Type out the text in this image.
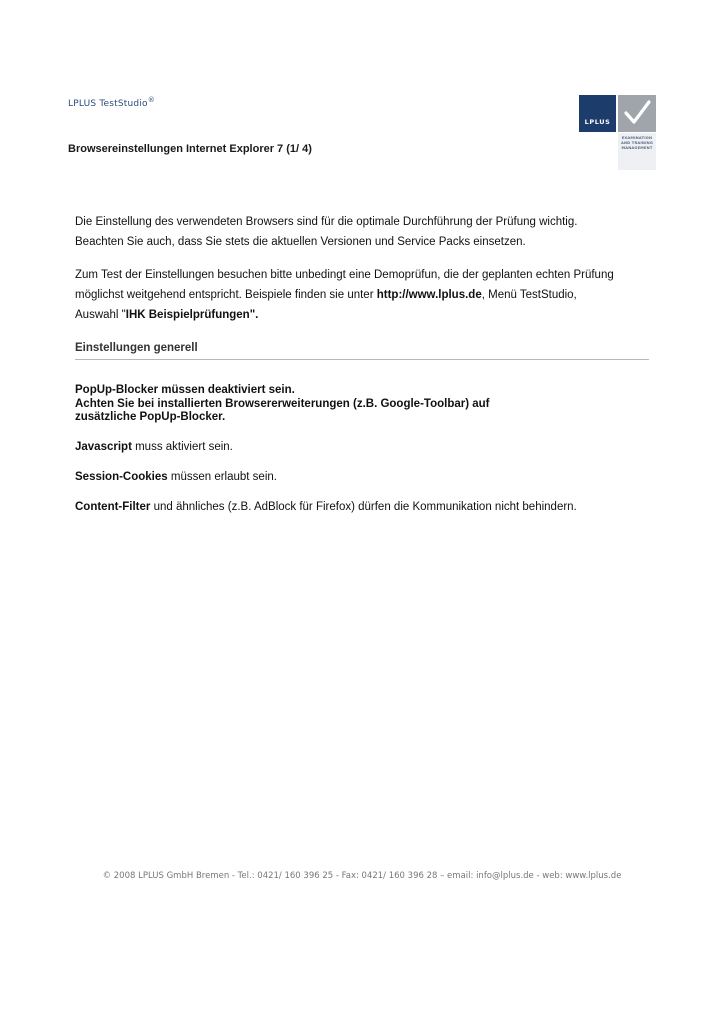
LPLUS TestStudio®
LPLUS
EXAMINATION
AND TRAINING
MANAGEMENT
Browsereinstellungen Internet Explorer 7 (1/ 4)

Die Einstellung des verwendeten Browsers sind für die optimale Durchführung der Prüfung wichtig.

Beachten Sie auch, dass Sie stets die aktuellen Versionen und Service Packs einsetzen.

Zum Test der Einstellungen besuchen bitte unbedingt eine Demoprüfun, die der geplanten echten Prüfung

möglichst weitgehend entspricht. Beispiele finden sie unter http://www.lplus.de, Menü TestStudio,

Auswahl "IHK Beispielprüfungen".

Einstellungen generell
PopUp-Blocker müssen deaktiviert sein.
Achten Sie bei installierten Browsererweiterungen (z.B. Google-Toolbar) auf
zusätzliche PopUp-Blocker.
Javascript muss aktiviert sein.
Session-Cookies müssen erlaubt sein.
Content-Filter und ähnliches (z.B. AdBlock für Firefox) dürfen die Kommunikation nicht behindern.
© 2008 LPLUS GmbH Bremen - Tel.: 0421/ 160 396 25 - Fax: 0421/ 160 396 28 – email: info@lplus.de - web: www.lplus.de
